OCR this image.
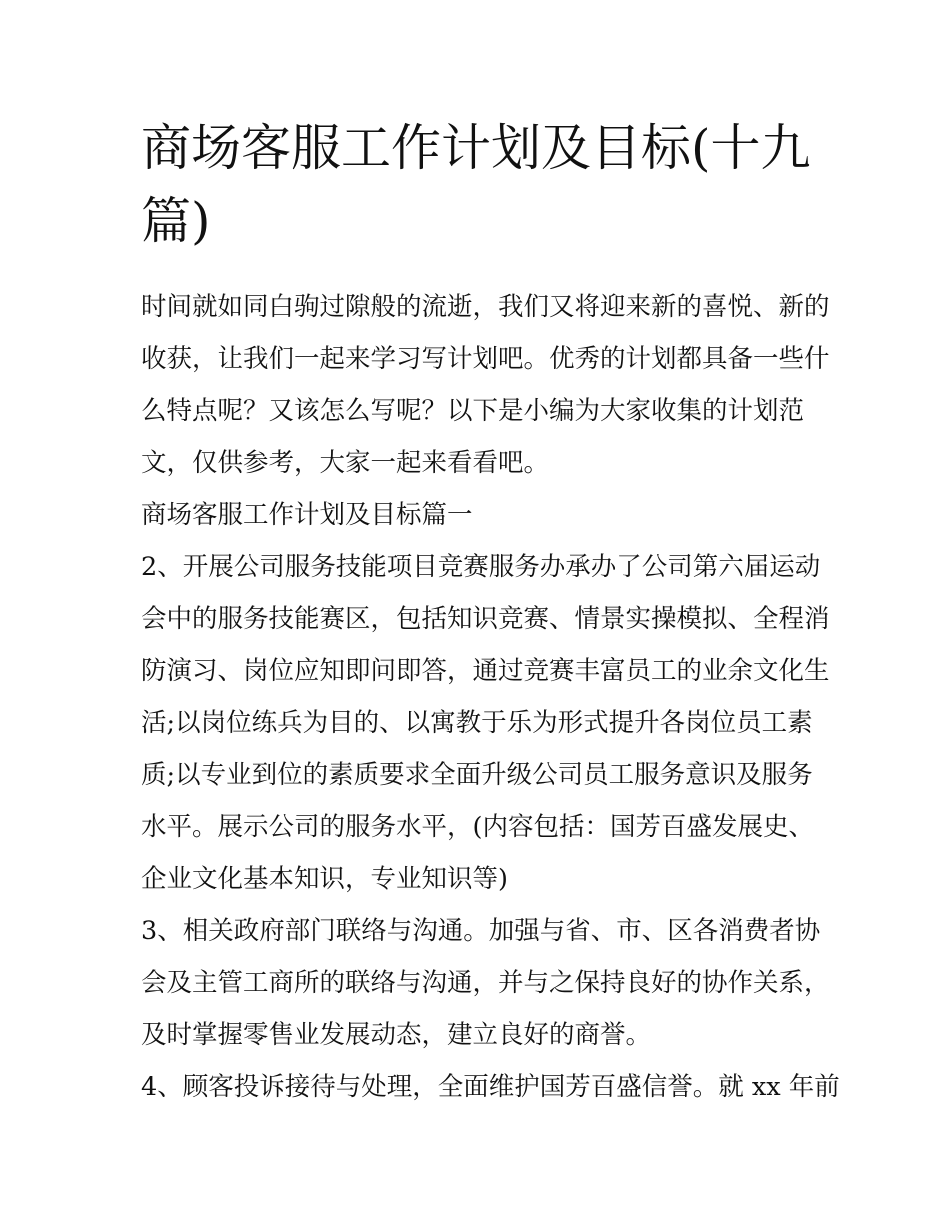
商场客服工作计划及目标(十九
篇)
时间就如同白驹过隙般的流逝，我们又将迎来新的喜悦、新的
收获，让我们一起来学习写计划吧。优秀的计划都具备一些什
么特点呢？又该怎么写呢？以下是小编为大家收集的计划范
文，仅供参考，大家一起来看看吧。
商场客服工作计划及目标篇一
2、开展公司服务技能项目竞赛服务办承办了公司第六届运动
会中的服务技能赛区，包括知识竞赛、情景实操模拟、全程消
防演习、岗位应知即问即答，通过竞赛丰富员工的业余文化生
活;以岗位练兵为目的、以寓教于乐为形式提升各岗位员工素
质;以专业到位的素质要求全面升级公司员工服务意识及服务
水平。展示公司的服务水平，(内容包括：国芳百盛发展史、
企业文化基本知识，专业知识等)
3、相关政府部门联络与沟通。加强与省、市、区各消费者协
会及主管工商所的联络与沟通，并与之保持良好的协作关系，
及时掌握零售业发展动态，建立良好的商誉。
4、顾客投诉接待与处理，全面维护国芳百盛信誉。就 xx 年前
